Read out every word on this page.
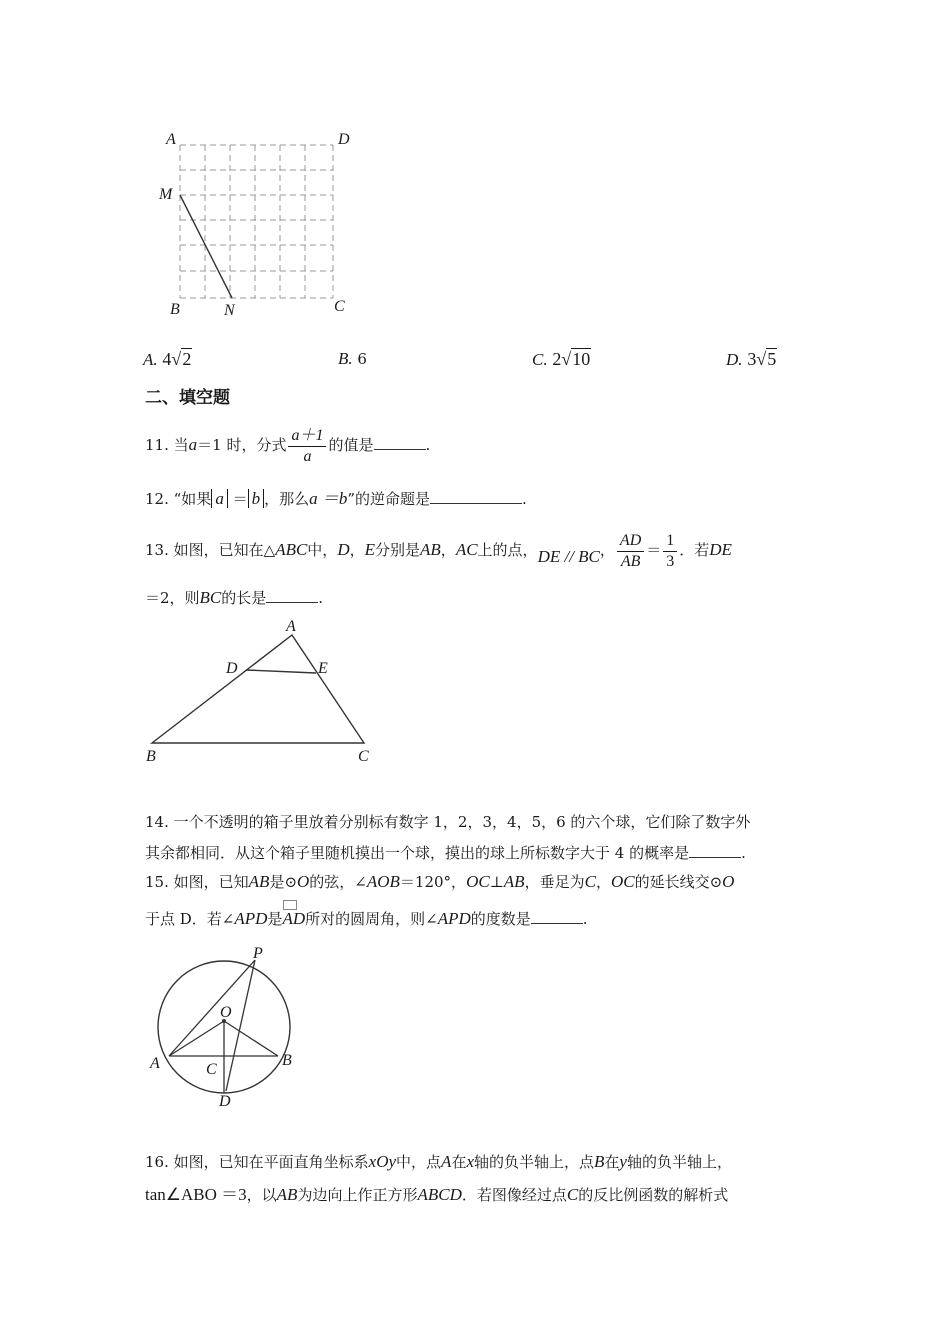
A	D
M
B	N	C
A. 4√2	B. 6	C. 2√10	D. 3√5
二、填空题
11. 当a＝1 时，分式 $\frac{a+1}{a}$ 的值是	.
12. “如果 a ＝ b ，那么a ＝b”的逆命题是	.
13. 如图，已知在△ABC中，D，E分别是AB，AC上的点，DE // BC， $\frac{AD}{AB} = \frac{1}{3}$ ．若DE
＝2，则BC的长是	.
A
D	E
B	C
14. 一个不透明的箱子里放着分别标有数字 1，2，3，4，5，6 的六个球，它们除了数字外
其余都相同．从这个箱子里随机摸出一个球，摸出的球上所标数字大于 4 的概率是	.
15. 如图，已知AB是⊙O的弦，∠AOB＝120°，OC⊥AB，垂足为C，OC的延长线交⊙O
于点 D．若∠APD是AD所对的圆周角，则∠APD的度数是	.
P
O
A	B
C
D
16. 如图，已知在平面直角坐标系xOy中，点A在x轴的负半轴上，点B在y轴的负半轴上，
tan∠ABO ＝3，以AB为边向上作正方形ABCD．若图像经过点C的反比例函数的解析式
